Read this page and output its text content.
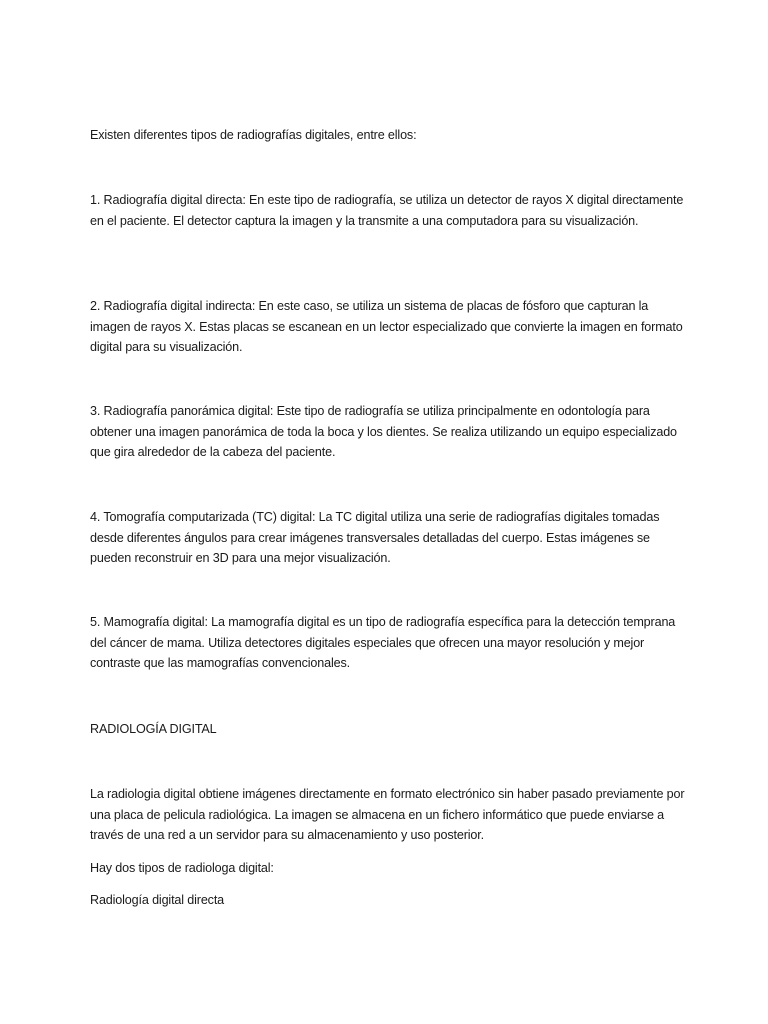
Existen diferentes tipos de radiografías digitales, entre ellos:

1. Radiografía digital directa: En este tipo de radiografía, se utiliza un detector de rayos X digital directamente en el paciente. El detector captura la imagen y la transmite a una computadora para su visualización.

2. Radiografía digital indirecta: En este caso, se utiliza un sistema de placas de fósforo que capturan la imagen de rayos X. Estas placas se escanean en un lector especializado que convierte la imagen en formato digital para su visualización.

3. Radiografía panorámica digital: Este tipo de radiografía se utiliza principalmente en odontología para obtener una imagen panorámica de toda la boca y los dientes. Se realiza utilizando un equipo especializado que gira alrededor de la cabeza del paciente.

4. Tomografía computarizada (TC) digital: La TC digital utiliza una serie de radiografías digitales tomadas desde diferentes ángulos para crear imágenes transversales detalladas del cuerpo. Estas imágenes se pueden reconstruir en 3D para una mejor visualización.

5. Mamografía digital: La mamografía digital es un tipo de radiografía específica para la detección temprana del cáncer de mama. Utiliza detectores digitales especiales que ofrecen una mayor resolución y mejor contraste que las mamografías convencionales.

RADIOLOGÍA DIGITAL

La radiologia digital obtiene imágenes directamente en formato electrónico sin haber pasado previamente por una placa de pelicula radiológica. La imagen se almacena en un fichero informático que puede enviarse a través de una red a un servidor para su almacenamiento y uso posterior.

Hay dos tipos de radiologa digital:

Radiología digital directa
